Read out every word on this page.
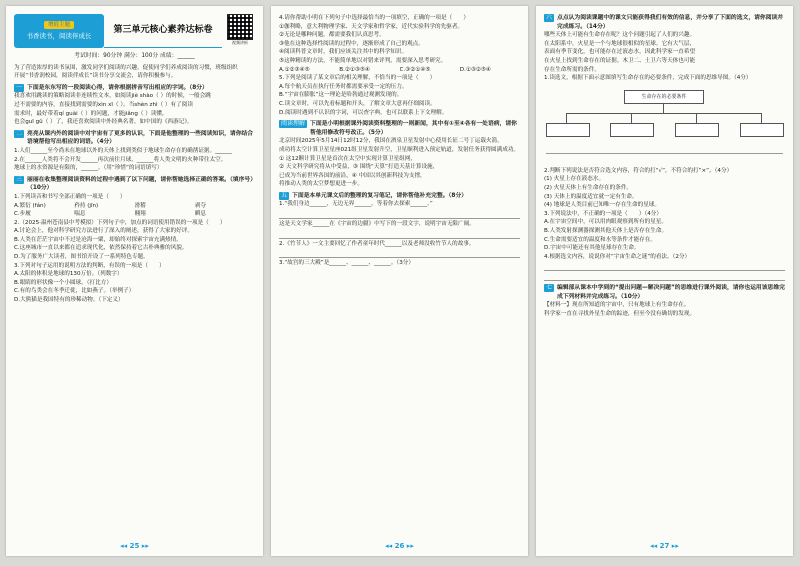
增值主题
书香读书，阅读伴成长
第三单元核心素养达标卷
视频讲析
考试时间：90分钟 满分：100分 成绩：______
为了营造浓厚的读书氛围，激发同学们阅读的兴趣，促使同学们养成阅读的习惯，班级组织
开展“书香润校园，阅读伴成长”读书分享交流会，请你积极参与。
一 下面是东东写的一段阅读心得，请你根据拼音写出相应的字词。（8分）
我喜欢用跳读的策略阅读非连续性文本，如阅读jiè shào（ ）的时候，一般会跳
过不需要的内容，直接找到需要的xìn xī（ ）。当shèn zhì（ ）有了阅读
需求时，最好带着qí guài（ ）的问题，才能jiǎng（ ）读懂，
也会guī gǔ（ ）了，我还喜欢阅读中外经典名著，如中国的《西游记》。
二 亮亮从课内外的阅读中对宇宙有了更多的认识，下面是他整理的一些阅读知识，请你结合语境帮他写出相应的词语。（4分）
1.人们______至今尚未在地球以外的天体上找到类似于地球生命存在的确凿证据。______
2.在______人类将不会开发______再次前往月球，______将人类文明的火种带往太空。
地球上的水资源是有限的，______。（用“珍惜”的词语填写）
三 丽丽在收集整理阅读资料的过程中遇到了以下问题，请你帮她选择正确的答案。（填序号）（10分）
1.下列读音和书写全部正确的一项是（　　）
A.繁衍 (fán)	矜持 (jīn)	滑稽	剥夺
C.步履	喘息	翱翔	瞬息
2.（2025·温州苍南县中考模拟）下列句子中，加点的词语使用错误的一项是（　　）
A.讨论会上，他对科学研究方法进行了深入的阐述，获得了大家的好评。
B.人类在茫茫宇宙中不过是沧海一粟，却始终对探索宇宙充满热情。
C.这座城市一直以来都在追求现代化，依然保持着它古朴典雅的风貌。
D.为了服务广大读者，图书馆开设了一系列特色专题。
3.下列对句子运用的说明方法的判断，有误的一项是（　　）
A.太阳的体积是地球的130万倍。（列数字）
B.眼睛的形状像一个小圆球。（打比方）
C.有的鸟类会在冬季迁徙，比如燕子。（举例子）
D.大熊猫是我国特有的珍稀动物。（下定义）
◂◂ 25 ▸▸
4.请你帮助小明在下列句子中选择最恰当的一项填空，正确的一项是（　　）
①伽利略，意大利物理学家、天文学家和哲学家，近代实验科学的先驱者。
②无论是哪种问题，都需要我们认真思考。
③他在这种选择性阅读的过程中，逐渐形成了自己的观点。
④阅读科普文章时，我们应该关注其中的科学知识。
⑤这种精读的方法，不能简单地以对错来评判，需要深入思考研究。
A.①②③④⑤	B.②①③⑤④	C.③②①④⑤	D.①③②⑤④
5.下列是阅读了某文章后的相关理解，不恰当的一项是（　　）
A.每个航天员在执行任务时都需要承受一定的压力。
B.“宇宙在膨胀”这一理论是哈勃通过观测发现的。
C.读文章时，可以先看标题和开头，了解文章大意再仔细阅读。
D.阅读时遇到不认识的字词，可以查字典，也可以联系上下文理解。
阅读理解 下面是小明根据课外阅读资料整理的一则新闻，其中有①至④各有一处语病，请你帮他用修改符号改正。（5分）
北京时间2025年5月14日12时12分，我国在酒泉卫星发射中心使用长征二号丁运载火箭，
成功将太空计算卫星星座021组卫星发射升空，卫星顺利进入预定轨道，发射任务获得圆满成功。
① 这12颗计算卫星是首次在太空中实现计算卫星组网，
② 天文科学研究将从中受益，③ 围绕“天算”打造天基计算设施，
已成为当前世界各国的前沿，④ 中国以其创新科技为支撑，
将推动人类的太空梦想更进一步。
五 下面是本单元课文后的整理的复习笔记，请你帮他补充完整。（8分）
1.“我们身边______，无边无界______，等着你去探索______。”
这是天文学家______在《宇宙的边疆》中写下的一段文字，说明宇宙无限广阔。
2.《竹节人》一文主要回忆了作者童年时代______以及老师没收竹节人的故事。
3.“故宫的三大殿”是______、______、______。（3分）
◂◂ 26 ▸▸
六 点点认为阅读课题中的课文只能获得我们有效的信息，并分享了下面的选文，请你阅读并完成练习。（14分）
哪些天体上可能有生命存在呢？这个问题引起了人们的兴趣。
在太阳系中，火星是一个与地球很相似的星球。它有大气层，
表面有季节变化，也可能存在过液态水，因此科学家一直希望
在火星上找到生命存在的证据。木卫二、土卫六等天体也可能
存在生命所需的条件。
1.读选文，根据下面示意图填写生命存在的必要条件，完成下面的思维导图。（4分）
生命存在的必要条件
2.判断下列说法是否符合选文内容，符合的打“√”，不符合的打“×”。（4分）
(1) 火星上存在液态水。
(2) 火星天体上有生命存在的条件。
(3) 天体上的温度适宜就一定有生命。
(4) 地球是人类目前已知唯一存在生命的星球。
3.下列说法中，不正确的一项是（　　）（4分）
A.在宇宙空间中，可以用肉眼观察到所有的星星。
B.人类发射探测器探测其他天体上是否存在生命。
C.生命需要适宜的温度和水等条件才能存在。
D.宇宙中可能还有其他星球存在生命。
4.根据选文内容，说说你对“宇宙生命之谜”的看法。（2分）
七 编辑部从课本中学到的“提出问题—解决问题”的思维进行课外阅读，请你也运用该思维完成下列材料并完成练习。（10分）
【材料一】现在所知道的宇宙中，只有地球上有生命存在。
科学家一直在寻找外星生命的踪迹，但至今没有确切的发现。
◂◂ 27 ▸▸
